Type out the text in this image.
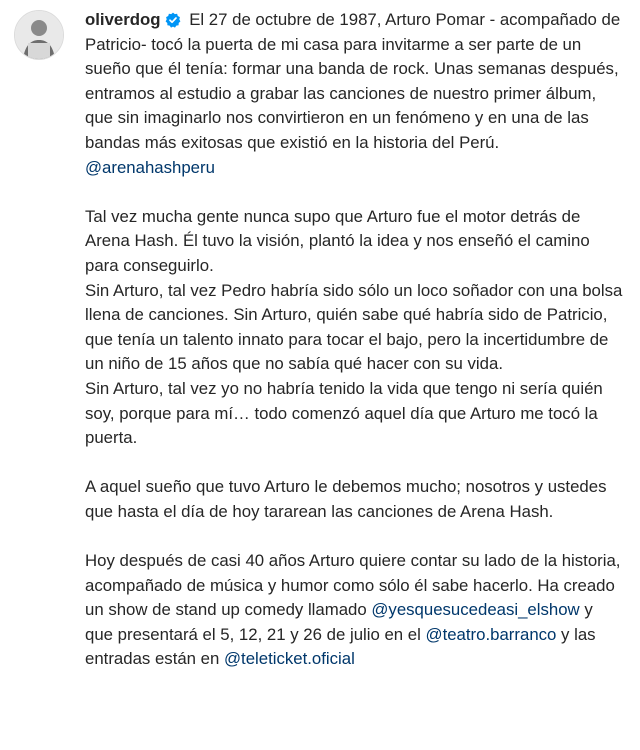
oliverdog El 27 de octubre de 1987, Arturo Pomar - acompañado de Patricio- tocó la puerta de mi casa para invitarme a ser parte de un sueño que él tenía: formar una banda de rock. Unas semanas después, entramos al estudio a grabar las canciones de nuestro primer álbum, que sin imaginarlo nos convirtieron en un fenómeno y en una de las bandas más exitosas que existió en la historia del Perú. @arenahashperu

Tal vez mucha gente nunca supo que Arturo fue el motor detrás de Arena Hash. Él tuvo la visión, plantó la idea y nos enseñó el camino para conseguirlo.
Sin Arturo, tal vez Pedro habría sido sólo un loco soñador con una bolsa llena de canciones. Sin Arturo, quién sabe qué habría sido de Patricio, que tenía un talento innato para tocar el bajo, pero la incertidumbre de un niño de 15 años que no sabía qué hacer con su vida.
Sin Arturo, tal vez yo no habría tenido la vida que tengo ni sería quién soy, porque para mí… todo comenzó aquel día que Arturo me tocó la puerta.

A aquel sueño que tuvo Arturo le debemos mucho; nosotros y ustedes que hasta el día de hoy tararean las canciones de Arena Hash.

Hoy después de casi 40 años Arturo quiere contar su lado de la historia, acompañado de música y humor como sólo él sabe hacerlo. Ha creado un show de stand up comedy llamado @yesquesucedeasi_elshow y que presentará el 5, 12, 21 y 26 de julio en el @teatro.barranco y las entradas están en @teleticket.oficial
